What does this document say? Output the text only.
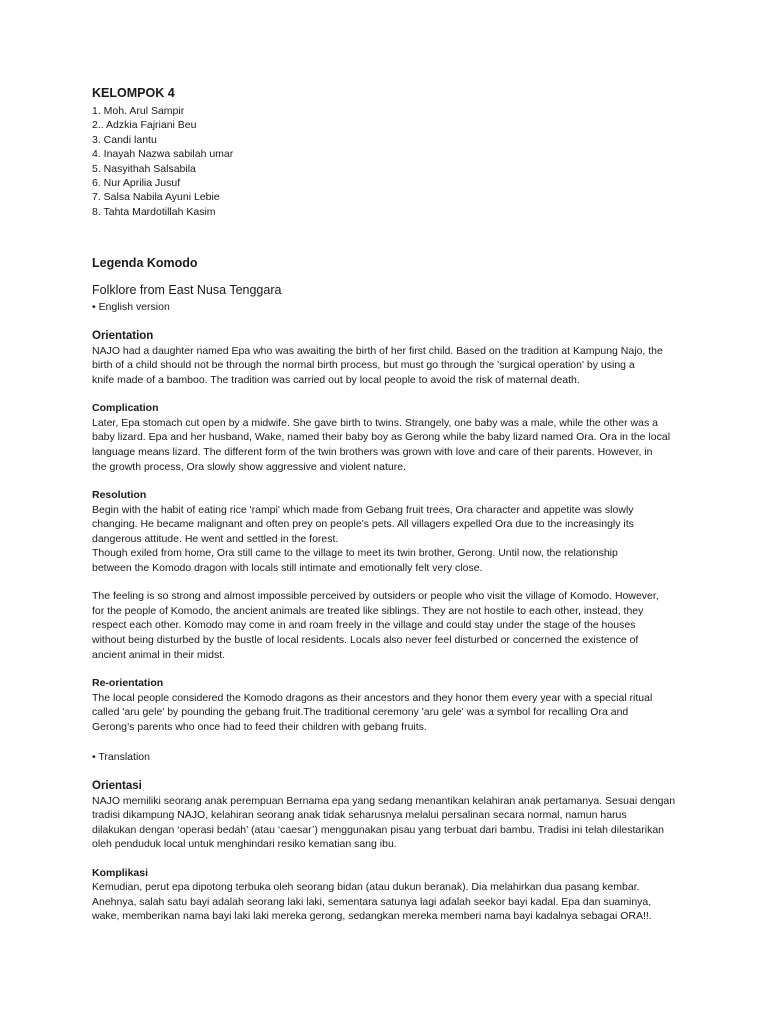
KELOMPOK 4
1. Moh. Arul Sampir
2.. Adzkia Fajriani Beu
3. Candi lantu
4. Inayah Nazwa sabilah umar
5. Nasyithah Salsabila
6. Nur Aprilia Jusuf
7. Salsa Nabila Ayuni Lebie
8. Tahta Mardotillah Kasim
Legenda Komodo
Folklore from East Nusa Tenggara
• English version
Orientation
NAJO had a daughter named Epa who was awaiting the birth of her first child. Based on the tradition at Kampung Najo, the
birth of a child should not be through the normal birth process, but must go through the 'surgical operation' by using a
knife made of a bamboo. The tradition was carried out by local people to avoid the risk of maternal death.
Complication
Later, Epa stomach cut open by a midwife. She gave birth to twins. Strangely, one baby was a male, while the other was a
baby lizard. Epa and her husband, Wake, named their baby boy as Gerong while the baby lizard named Ora. Ora in the local
language means lizard. The different form of the twin brothers was grown with love and care of their parents. However, in
the growth process, Ora slowly show aggressive and violent nature.
Resolution
Begin with the habit of eating rice 'rampi' which made from Gebang fruit trees, Ora character and appetite was slowly
changing. He became malignant and often prey on people's pets. All villagers expelled Ora due to the increasingly its
dangerous attitude. He went and settled in the forest.
Though exiled from home, Ora still came to the village to meet its twin brother, Gerong. Until now, the relationship
between the Komodo dragon with locals still intimate and emotionally felt very close.
The feeling is so strong and almost impossible perceived by outsiders or people who visit the village of Komodo. However,
for the people of Komodo, the ancient animals are treated like siblings. They are not hostile to each other, instead, they
respect each other. Komodo may come in and roam freely in the village and could stay under the stage of the houses
without being disturbed by the bustle of local residents. Locals also never feel disturbed or concerned the existence of
ancient animal in their midst.
Re-orientation
The local people considered the Komodo dragons as their ancestors and they honor them every year with a special ritual
called 'aru gele' by pounding the gebang fruit.The traditional ceremony 'aru gele' was a symbol for recalling Ora and
Gerong’s parents who once had to feed their children with gebang fruits.
• Translation
Orientasi
NAJO memiliki seorang anak perempuan Bernama epa yang sedang menantikan kelahiran anak pertamanya. Sesuai dengan
tradisi dikampung NAJO, kelahiran seorang anak tidak seharusnya melalui persalinan secara normal, namun harus
dilakukan dengan ‘operasi bedah’ (atau ‘caesar’) menggunakan pisau yang terbuat dari bambu. Tradisi ini telah dilestarikan
oleh penduduk local untuk menghindari resiko kematian sang ibu.
Komplikasi
Kemudian, perut epa dipotong terbuka oleh seorang bidan (atau dukun beranak). Dia melahirkan dua pasang kembar.
Anehnya, salah satu bayi adalah seorang laki laki, sementara satunya lagi adalah seekor bayi kadal. Epa dan suaminya,
wake, memberikan nama bayi laki laki mereka gerong, sedangkan mereka memberi nama bayi kadalnya sebagai ORA!!.
